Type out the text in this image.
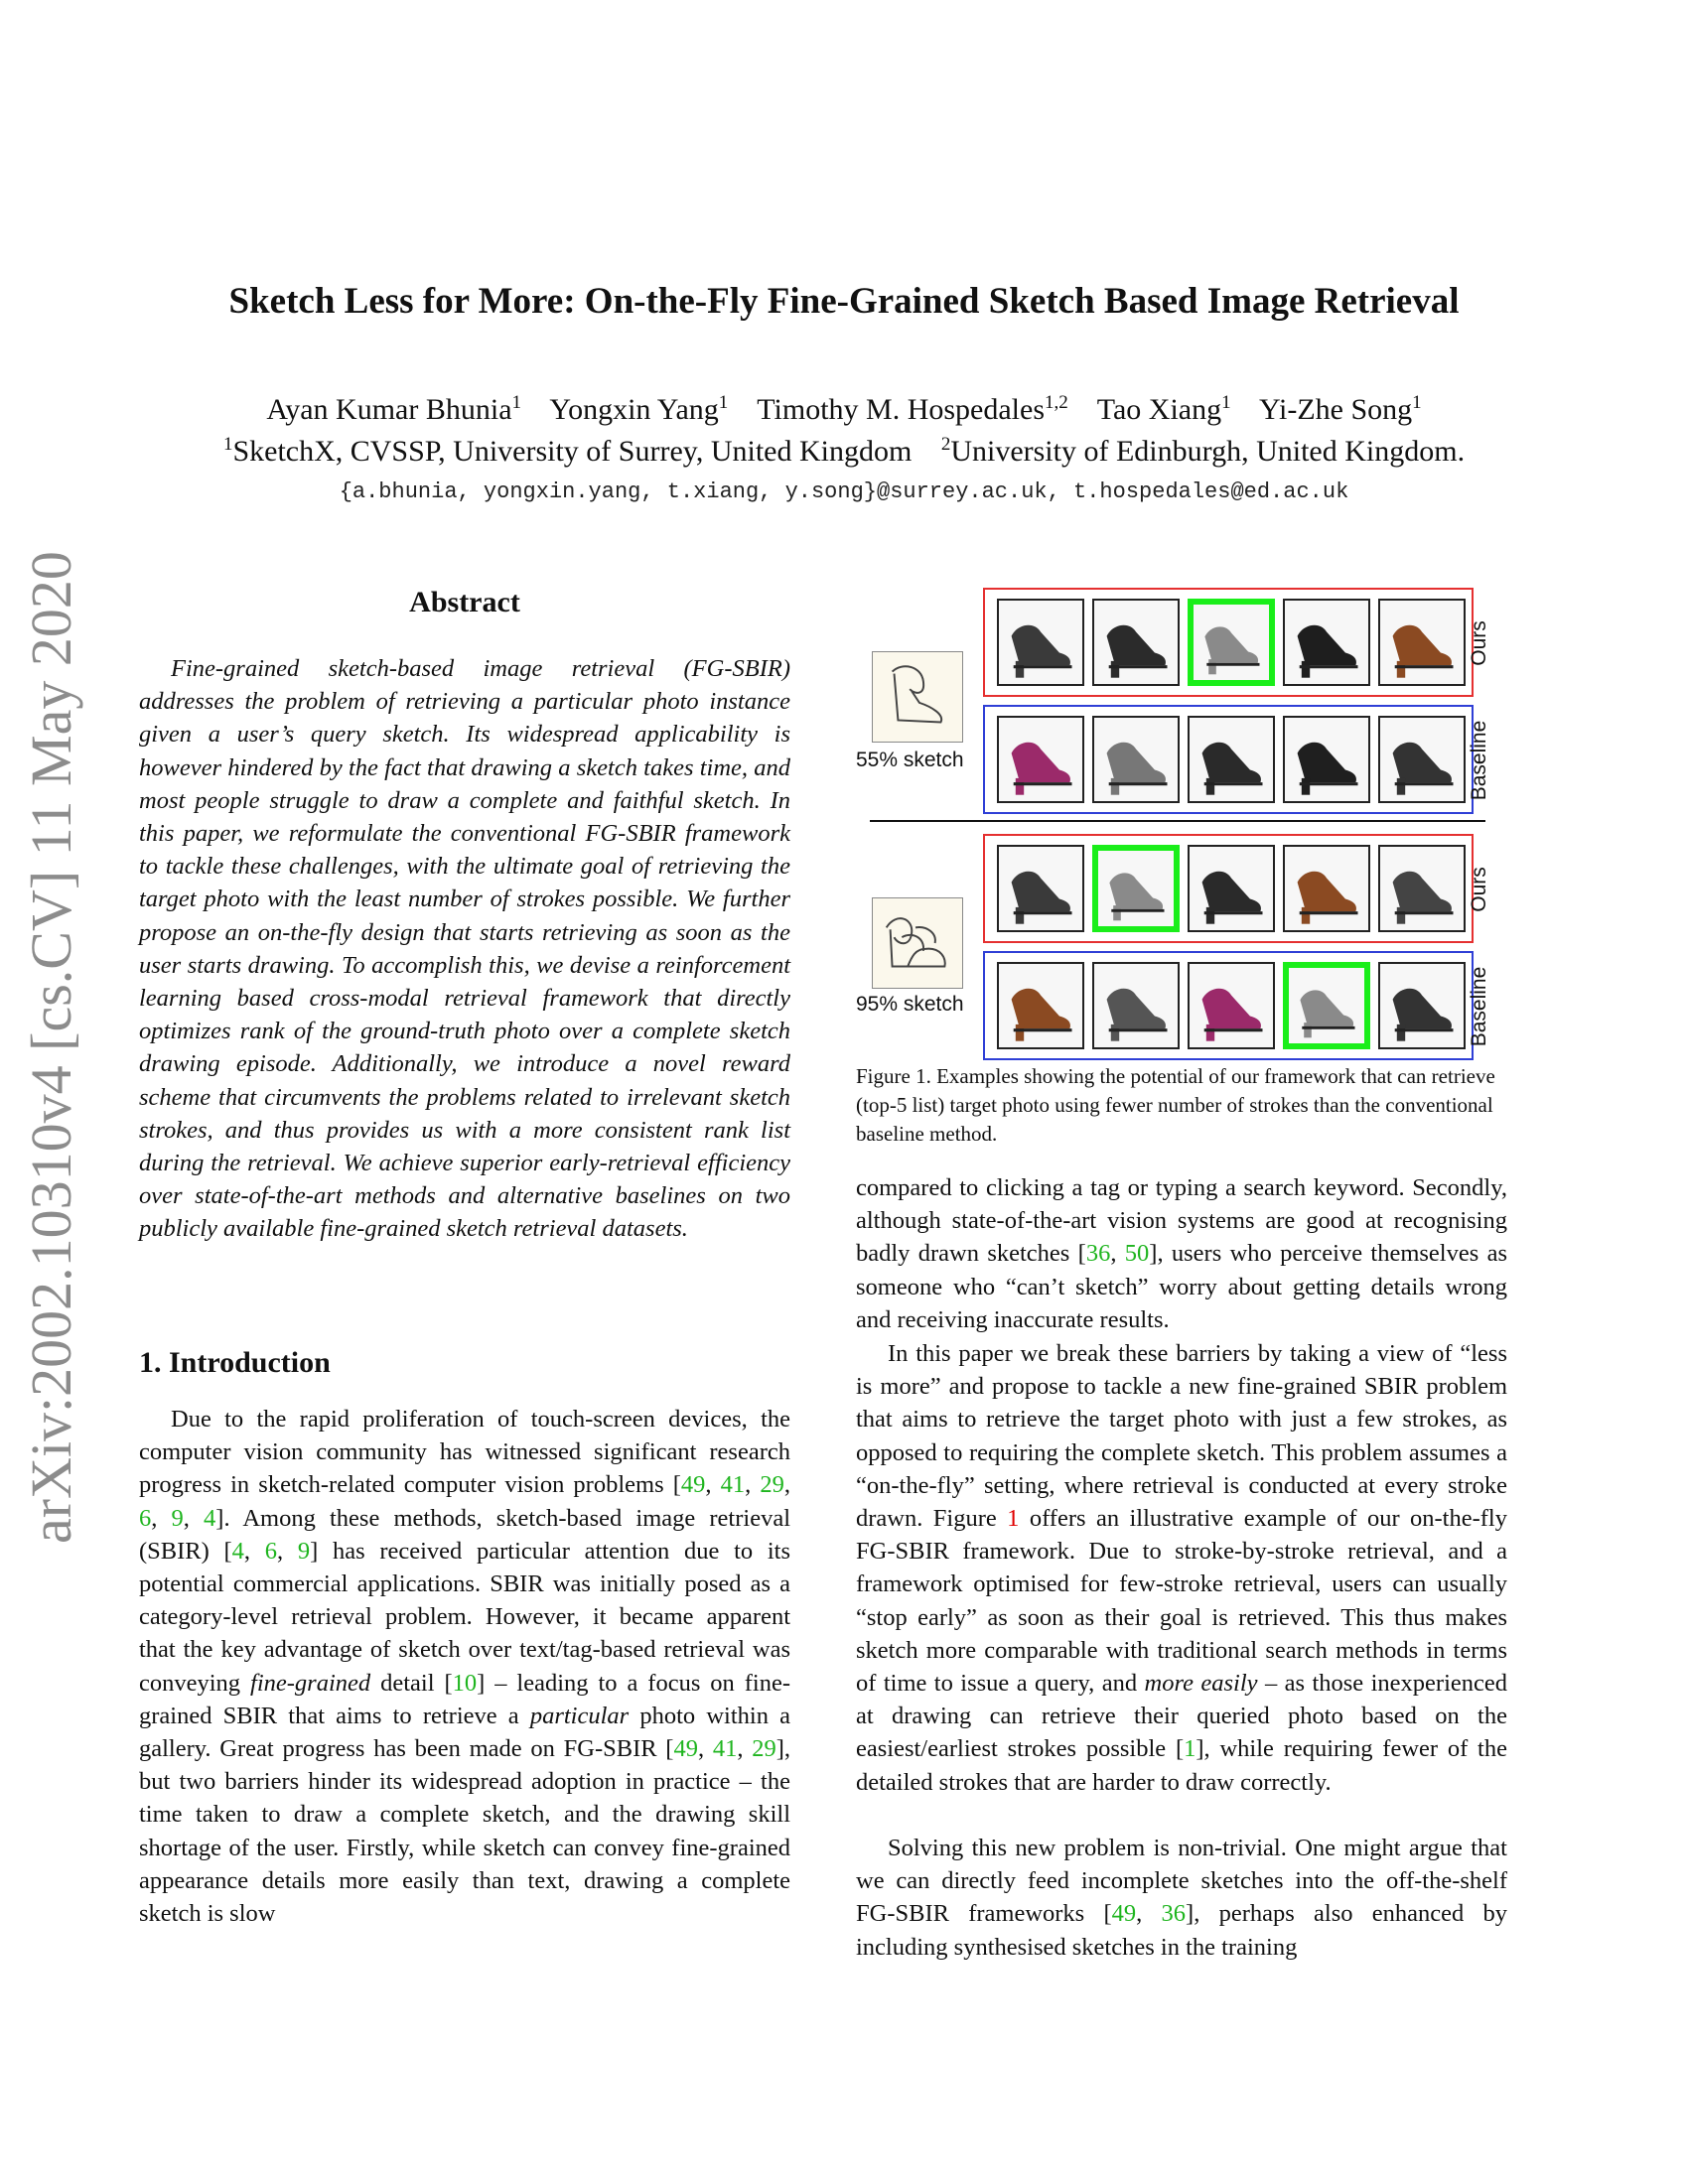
arXiv:2002.10310v4 [cs.CV] 11 May 2020
Sketch Less for More: On-the-Fly Fine-Grained Sketch Based Image Retrieval
Ayan Kumar Bhunia$^1$ Yongxin Yang$^1$ Timothy M. Hospedales$^{1,2}$ Tao Xiang$^1$ Yi-Zhe Song$^1$
$^1$SketchX, CVSSP, University of Surrey, United Kingdom $^2$University of Edinburgh, United Kingdom.
{a.bhunia, yongxin.yang, t.xiang, y.song}@surrey.ac.uk, t.hospedales@ed.ac.uk
Abstract

Fine-grained sketch-based image retrieval (FG-SBIR) addresses the problem of retrieving a particular photo instance given a user’s query sketch. Its widespread applicability is however hindered by the fact that drawing a sketch takes time, and most people struggle to draw a complete and faithful sketch. In this paper, we reformulate the conventional FG-SBIR framework to tackle these challenges, with the ultimate goal of retrieving the target photo with the least number of strokes possible. We further propose an on-the-fly design that starts retrieving as soon as the user starts drawing. To accomplish this, we devise a reinforcement learning based cross-modal retrieval framework that directly optimizes rank of the ground-truth photo over a complete sketch drawing episode. Additionally, we introduce a novel reward scheme that circumvents the problems related to irrelevant sketch strokes, and thus provides us with a more consistent rank list during the retrieval. We achieve superior early-retrieval efficiency over state-of-the-art methods and alternative baselines on two publicly available fine-grained sketch retrieval datasets.

1. Introduction

Due to the rapid proliferation of touch-screen devices, the computer vision community has witnessed significant research progress in sketch-related computer vision problems [49, 41, 29, 6, 9, 4]. Among these methods, sketch-based image retrieval (SBIR) [4, 6, 9] has received particular attention due to its potential commercial applications. SBIR was initially posed as a category-level retrieval problem. However, it became apparent that the key advantage of sketch over text/tag-based retrieval was conveying fine-grained detail [10] – leading to a focus on fine-grained SBIR that aims to retrieve a particular photo within a gallery. Great progress has been made on FG-SBIR [49, 41, 29], but two barriers hinder its widespread adoption in practice – the time taken to draw a complete sketch, and the drawing skill shortage of the user. Firstly, while sketch can convey fine-grained appearance details more easily than text, drawing a complete sketch is slow

Ours
Baseline
Ours
Baseline
55% sketch
95% sketch
Figure 1. Examples showing the potential of our framework that can retrieve (top-5 list) target photo using fewer number of strokes than the conventional baseline method.

compared to clicking a tag or typing a search keyword. Secondly, although state-of-the-art vision systems are good at recognising badly drawn sketches [36, 50], users who perceive themselves as someone who “can’t sketch” worry about getting details wrong and receiving inaccurate results.

In this paper we break these barriers by taking a view of “less is more” and propose to tackle a new fine-grained SBIR problem that aims to retrieve the target photo with just a few strokes, as opposed to requiring the complete sketch. This problem assumes a “on-the-fly” setting, where retrieval is conducted at every stroke drawn. Figure 1 offers an illustrative example of our on-the-fly FG-SBIR framework. Due to stroke-by-stroke retrieval, and a framework optimised for few-stroke retrieval, users can usually “stop early” as soon as their goal is retrieved. This thus makes sketch more comparable with traditional search methods in terms of time to issue a query, and more easily – as those inexperienced at drawing can retrieve their queried photo based on the easiest/earliest strokes possible [1], while requiring fewer of the detailed strokes that are harder to draw correctly.

Solving this new problem is non-trivial. One might argue that we can directly feed incomplete sketches into the off-the-shelf FG-SBIR frameworks [49, 36], perhaps also enhanced by including synthesised sketches in the training
